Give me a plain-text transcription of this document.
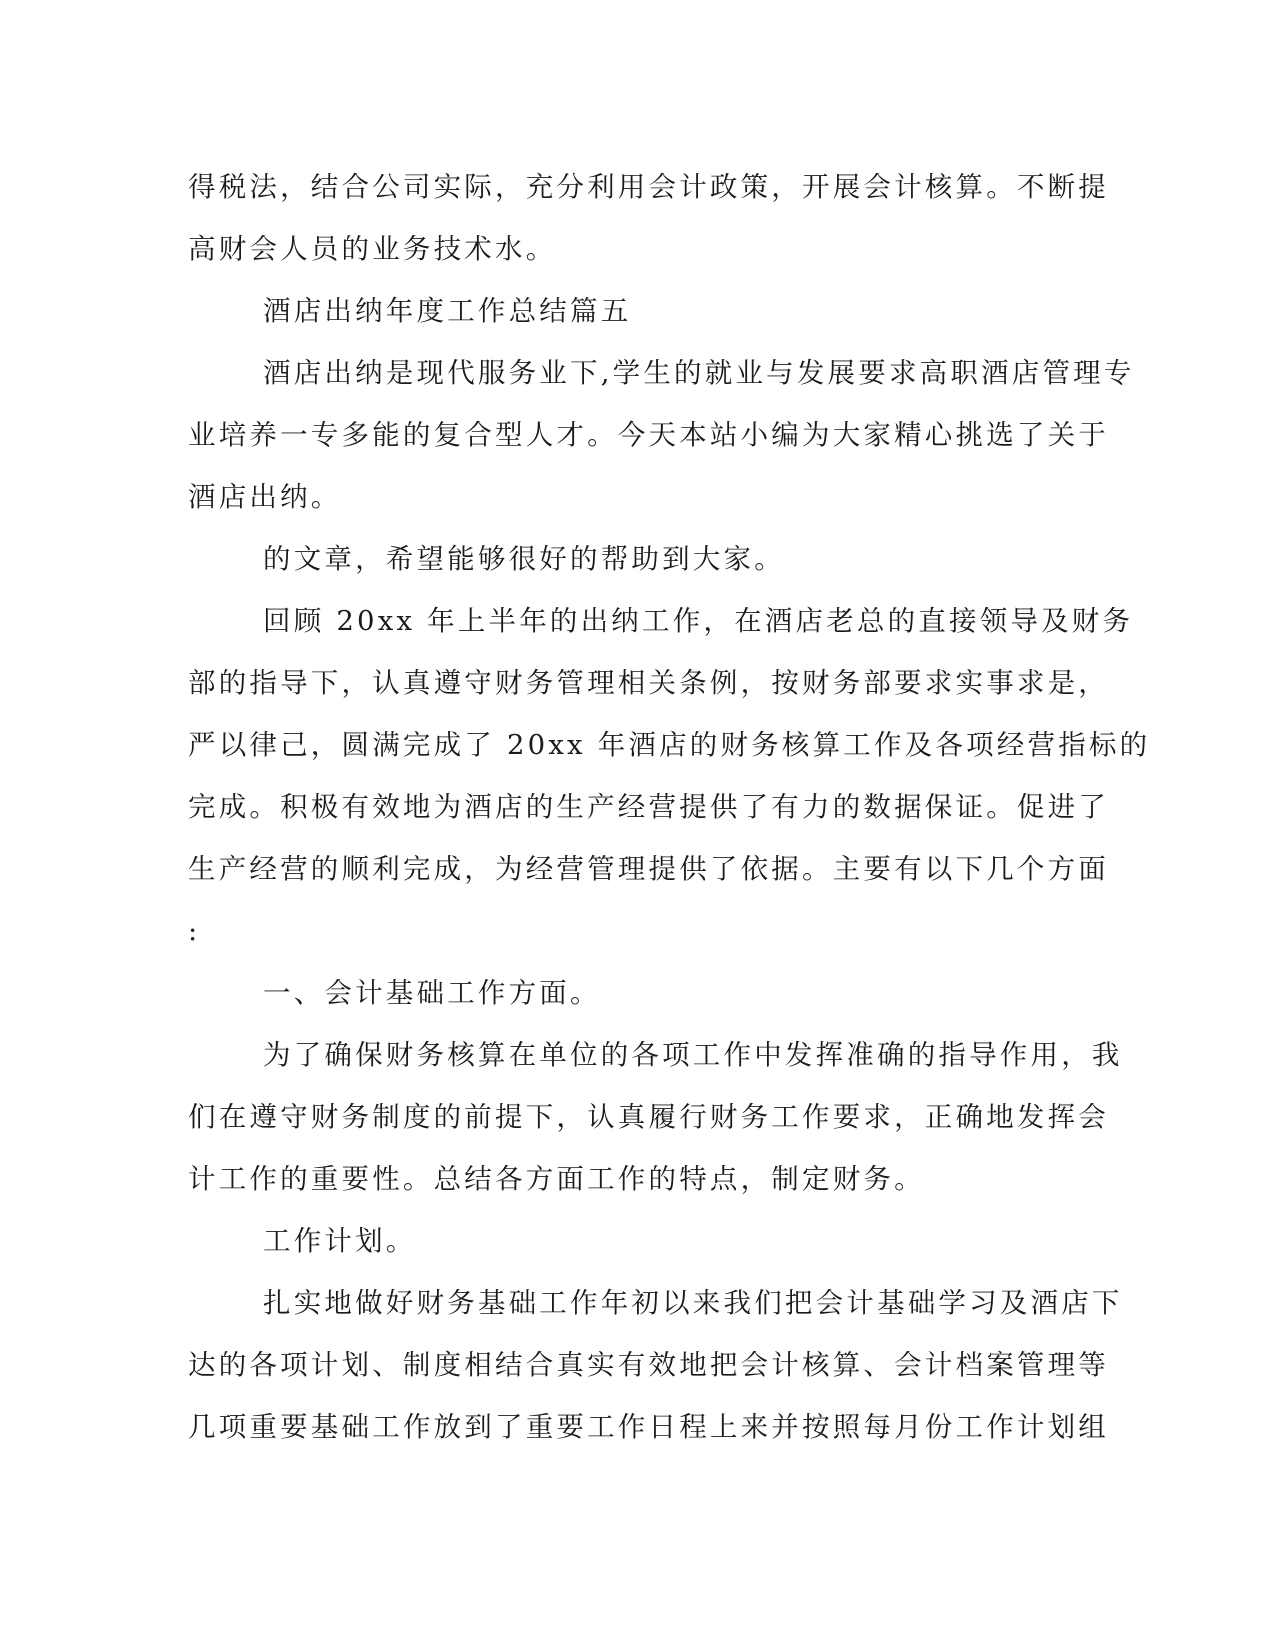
得税法，结合公司实际，充分利用会计政策，开展会计核算。不断提
高财会人员的业务技术水。
酒店出纳年度工作总结篇五
酒店出纳是现代服务业下,学生的就业与发展要求高职酒店管理专
业培养一专多能的复合型人才。今天本站小编为大家精心挑选了关于
酒店出纳。
的文章，希望能够很好的帮助到大家。
回顾 20xx 年上半年的出纳工作，在酒店老总的直接领导及财务
部的指导下，认真遵守财务管理相关条例，按财务部要求实事求是，
严以律己，圆满完成了 20xx 年酒店的财务核算工作及各项经营指标的
完成。积极有效地为酒店的生产经营提供了有力的数据保证。促进了
生产经营的顺利完成，为经营管理提供了依据。主要有以下几个方面
:
一、会计基础工作方面。
为了确保财务核算在单位的各项工作中发挥准确的指导作用，我
们在遵守财务制度的前提下，认真履行财务工作要求，正确地发挥会
计工作的重要性。总结各方面工作的特点，制定财务。
工作计划。
扎实地做好财务基础工作年初以来我们把会计基础学习及酒店下
达的各项计划、制度相结合真实有效地把会计核算、会计档案管理等
几项重要基础工作放到了重要工作日程上来并按照每月份工作计划组
